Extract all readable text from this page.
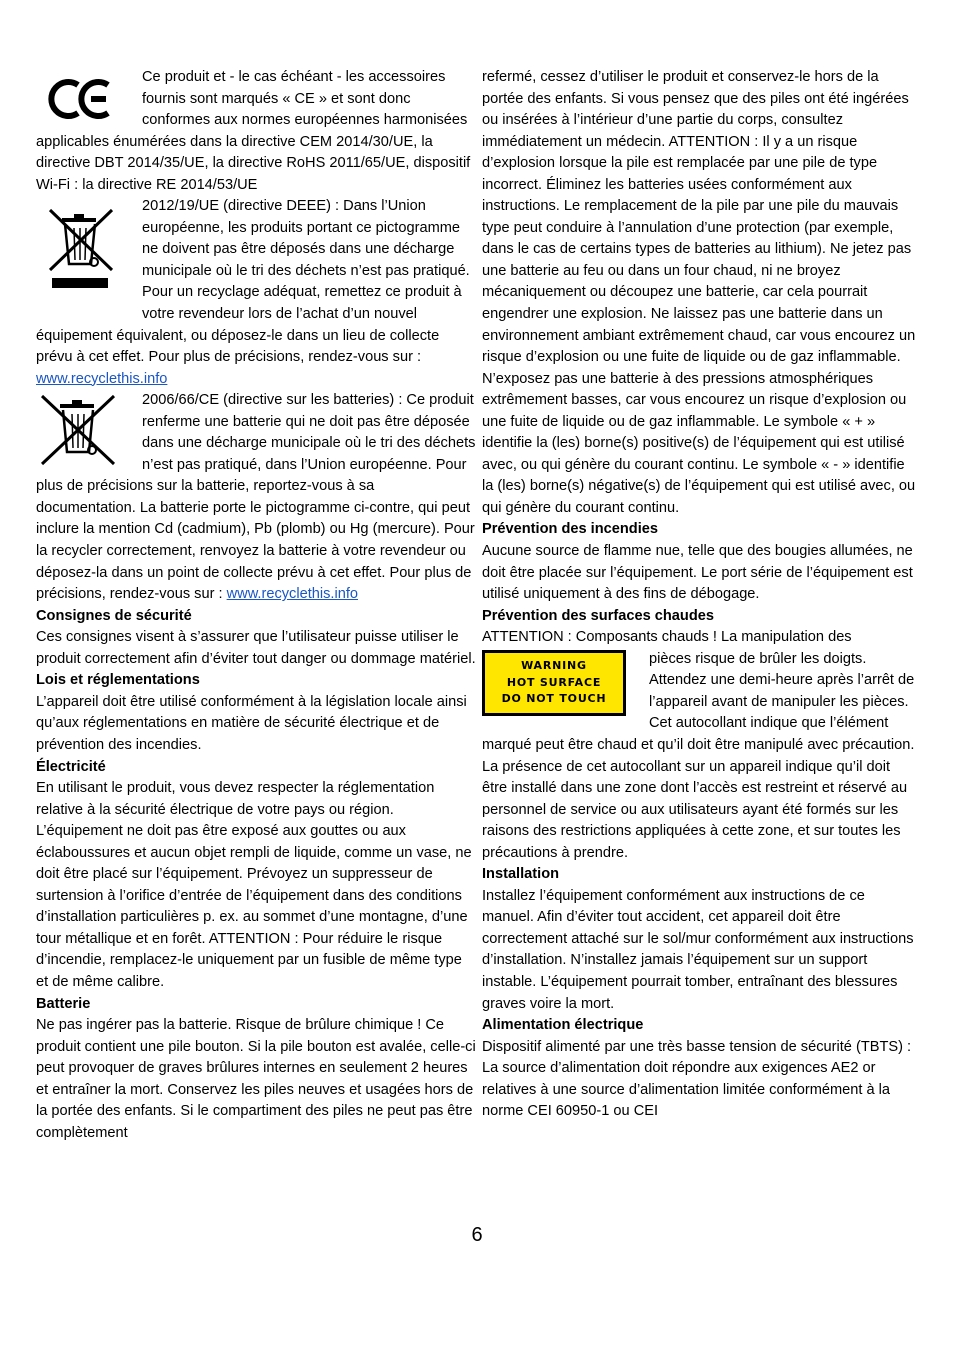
Ce produit et - le cas échéant - les accessoires fournis sont marqués « CE » et sont donc conformes aux normes européennes harmonisées applicables énumérées dans la directive CEM 2014/30/UE, la directive DBT 2014/35/UE, la directive RoHS 2011/65/UE, dispositif Wi-Fi : la directive RE 2014/53/UE

2012/19/UE (directive DEEE) : Dans l’Union européenne, les produits portant ce pictogramme ne doivent pas être déposés dans une décharge municipale où le tri des déchets n’est pas pratiqué. Pour un recyclage adéquat, remettez ce produit à votre revendeur lors de l’achat d’un nouvel équipement équivalent, ou déposez-le dans un lieu de collecte prévu à cet effet. Pour plus de précisions, rendez-vous sur : www.recyclethis.info

2006/66/CE (directive sur les batteries) : Ce produit renferme une batterie qui ne doit pas être déposée dans une décharge municipale où le tri des déchets n’est pas pratiqué, dans l’Union européenne. Pour plus de précisions sur la batterie, reportez-vous à sa documentation. La batterie porte le pictogramme ci-contre, qui peut inclure la mention Cd (cadmium), Pb (plomb) ou Hg (mercure). Pour la recycler correctement, renvoyez la batterie à votre revendeur ou déposez-la dans un point de collecte prévu à cet effet. Pour plus de précisions, rendez-vous sur : www.recyclethis.info

Consignes de sécurité

Ces consignes visent à s’assurer que l’utilisateur puisse utiliser le produit correctement afin d’éviter tout danger ou dommage matériel.

Lois et réglementations

L’appareil doit être utilisé conformément à la législation locale ainsi qu’aux réglementations en matière de sécurité électrique et de prévention des incendies.

Électricité

En utilisant le produit, vous devez respecter la réglementation relative à la sécurité électrique de votre pays ou région. L’équipement ne doit pas être exposé aux gouttes ou aux éclaboussures et aucun objet rempli de liquide, comme un vase, ne doit être placé sur l’équipement. Prévoyez un suppresseur de surtension à l’orifice d’entrée de l’équipement dans des conditions d’installation particulières p. ex. au sommet d’une montagne, d’une tour métallique et en forêt. ATTENTION : Pour réduire le risque d’incendie, remplacez-le uniquement par un fusible de même type et de même calibre.

Batterie

Ne pas ingérer pas la batterie. Risque de brûlure chimique ! Ce produit contient une pile bouton. Si la pile bouton est avalée, celle-ci peut provoquer de graves brûlures internes en seulement 2 heures et entraîner la mort. Conservez les piles neuves et usagées hors de la portée des enfants. Si le compartiment des piles ne peut pas être complètement

refermé, cessez d’utiliser le produit et conservez-le hors de la portée des enfants. Si vous pensez que des piles ont été ingérées ou insérées à l’intérieur d’une partie du corps, consultez immédiatement un médecin. ATTENTION : Il y a un risque d’explosion lorsque la pile est remplacée par une pile de type incorrect. Éliminez les batteries usées conformément aux instructions. Le remplacement de la pile par une pile du mauvais type peut conduire à l’annulation d’une protection (par exemple, dans le cas de certains types de batteries au lithium). Ne jetez pas une batterie au feu ou dans un four chaud, ni ne broyez mécaniquement ou découpez une batterie, car cela pourrait engendrer une explosion. Ne laissez pas une batterie dans un environnement ambiant extrêmement chaud, car vous encourez un risque d’explosion ou une fuite de liquide ou de gaz inflammable. N’exposez pas une batterie à des pressions atmosphériques extrêmement basses, car vous encourez un risque d’explosion ou une fuite de liquide ou de gaz inflammable. Le symbole « + » identifie la (les) borne(s) positive(s) de l’équipement qui est utilisé avec, ou qui génère du courant continu. Le symbole « - » identifie la (les) borne(s) négative(s) de l’équipement qui est utilisé avec, ou qui génère du courant continu.

Prévention des incendies

Aucune source de flamme nue, telle que des bougies allumées, ne doit être placée sur l’équipement. Le port série de l’équipement est utilisé uniquement à des fins de débogage.

Prévention des surfaces chaudes

ATTENTION : Composants chauds ! La manipulation des

WARNING
HOT SURFACE
DO NOT TOUCH
pièces risque de brûler les doigts. Attendez une demi-heure après l’arrêt de l’appareil avant de manipuler les pièces. Cet autocollant indique que l’élément marqué peut être chaud et qu’il doit être manipulé avec précaution. La présence de cet autocollant sur un appareil indique qu’il doit être installé dans une zone dont l’accès est restreint et réservé au personnel de service ou aux utilisateurs ayant été formés sur les raisons des restrictions appliquées à cette zone, et sur toutes les précautions à prendre.

Installation

Installez l’équipement conformément aux instructions de ce manuel. Afin d’éviter tout accident, cet appareil doit être correctement attaché sur le sol/mur conformément aux instructions d’installation. N’installez jamais l’équipement sur un support instable. L’équipement pourrait tomber, entraînant des blessures graves voire la mort.

Alimentation électrique

Dispositif alimenté par une très basse tension de sécurité (TBTS) : La source d’alimentation doit répondre aux exigences AE2 or relatives à une source d’alimentation limitée conformément à la norme CEI 60950-1 ou CEI

6
